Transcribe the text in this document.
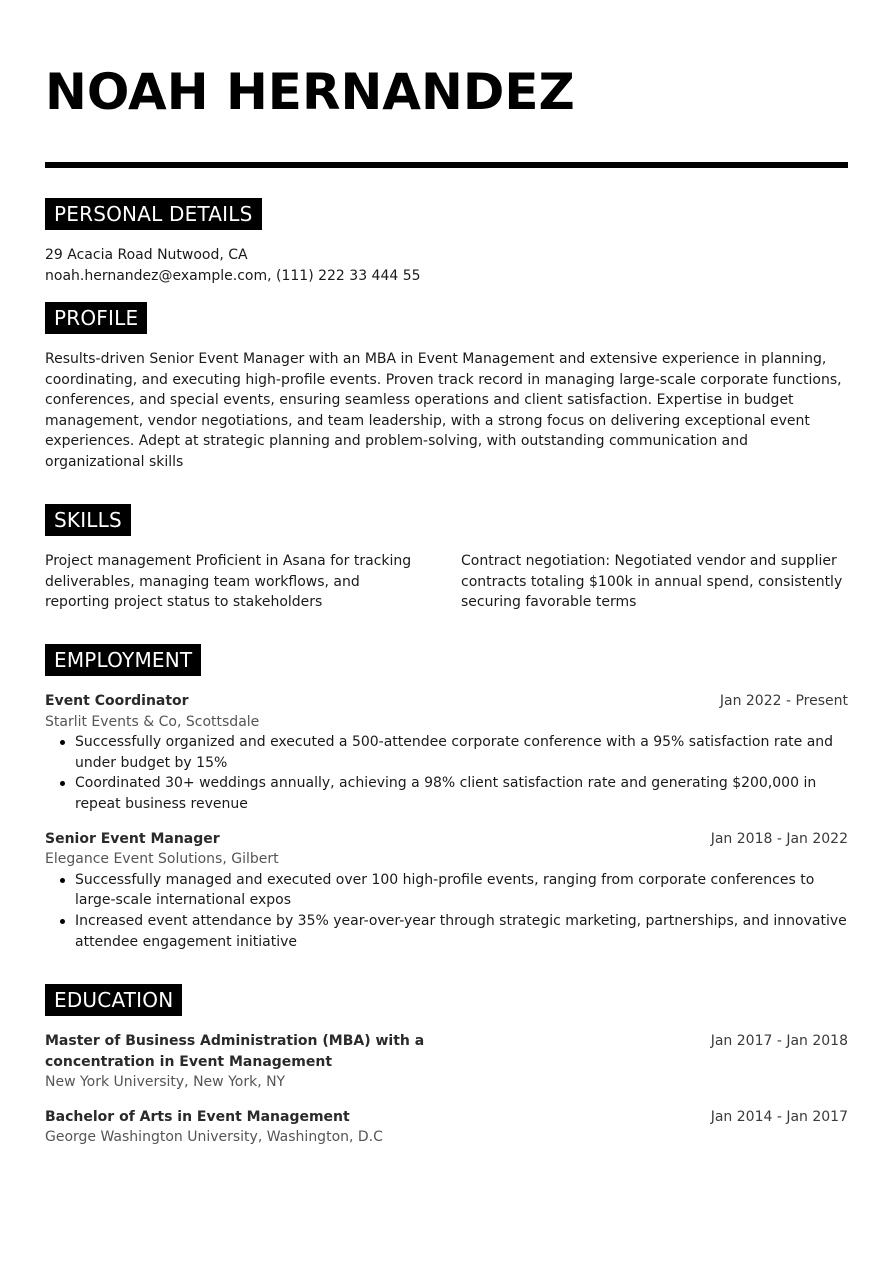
NOAH HERNANDEZ
PERSONAL DETAILS
29 Acacia Road Nutwood, CA
noah.hernandez@example.com, (111) 222 33 444 55
PROFILE
Results-driven Senior Event Manager with an MBA in Event Management and extensive experience in planning, coordinating, and executing high-profile events. Proven track record in managing large-scale corporate functions, conferences, and special events, ensuring seamless operations and client satisfaction. Expertise in budget management, vendor negotiations, and team leadership, with a strong focus on delivering exceptional event experiences. Adept at strategic planning and problem-solving, with outstanding communication and organizational skills
SKILLS
Project management Proficient in Asana for tracking deliverables, managing team workflows, and reporting project status to stakeholders
Contract negotiation: Negotiated vendor and supplier contracts totaling $100k in annual spend, consistently securing favorable terms
EMPLOYMENT
Event Coordinator	Jan 2022 - Present
Starlit Events & Co, Scottsdale
Successfully organized and executed a 500-attendee corporate conference with a 95% satisfaction rate and under budget by 15%
Coordinated 30+ weddings annually, achieving a 98% client satisfaction rate and generating $200,000 in repeat business revenue
Senior Event Manager	Jan 2018 - Jan 2022
Elegance Event Solutions, Gilbert
Successfully managed and executed over 100 high-profile events, ranging from corporate conferences to large-scale international expos
Increased event attendance by 35% year-over-year through strategic marketing, partnerships, and innovative attendee engagement initiative
EDUCATION
Master of Business Administration (MBA) with a concentration in Event Management
Jan 2017 - Jan 2018
New York University, New York, NY
Bachelor of Arts in Event Management	Jan 2014 - Jan 2017
George Washington University, Washington, D.C
